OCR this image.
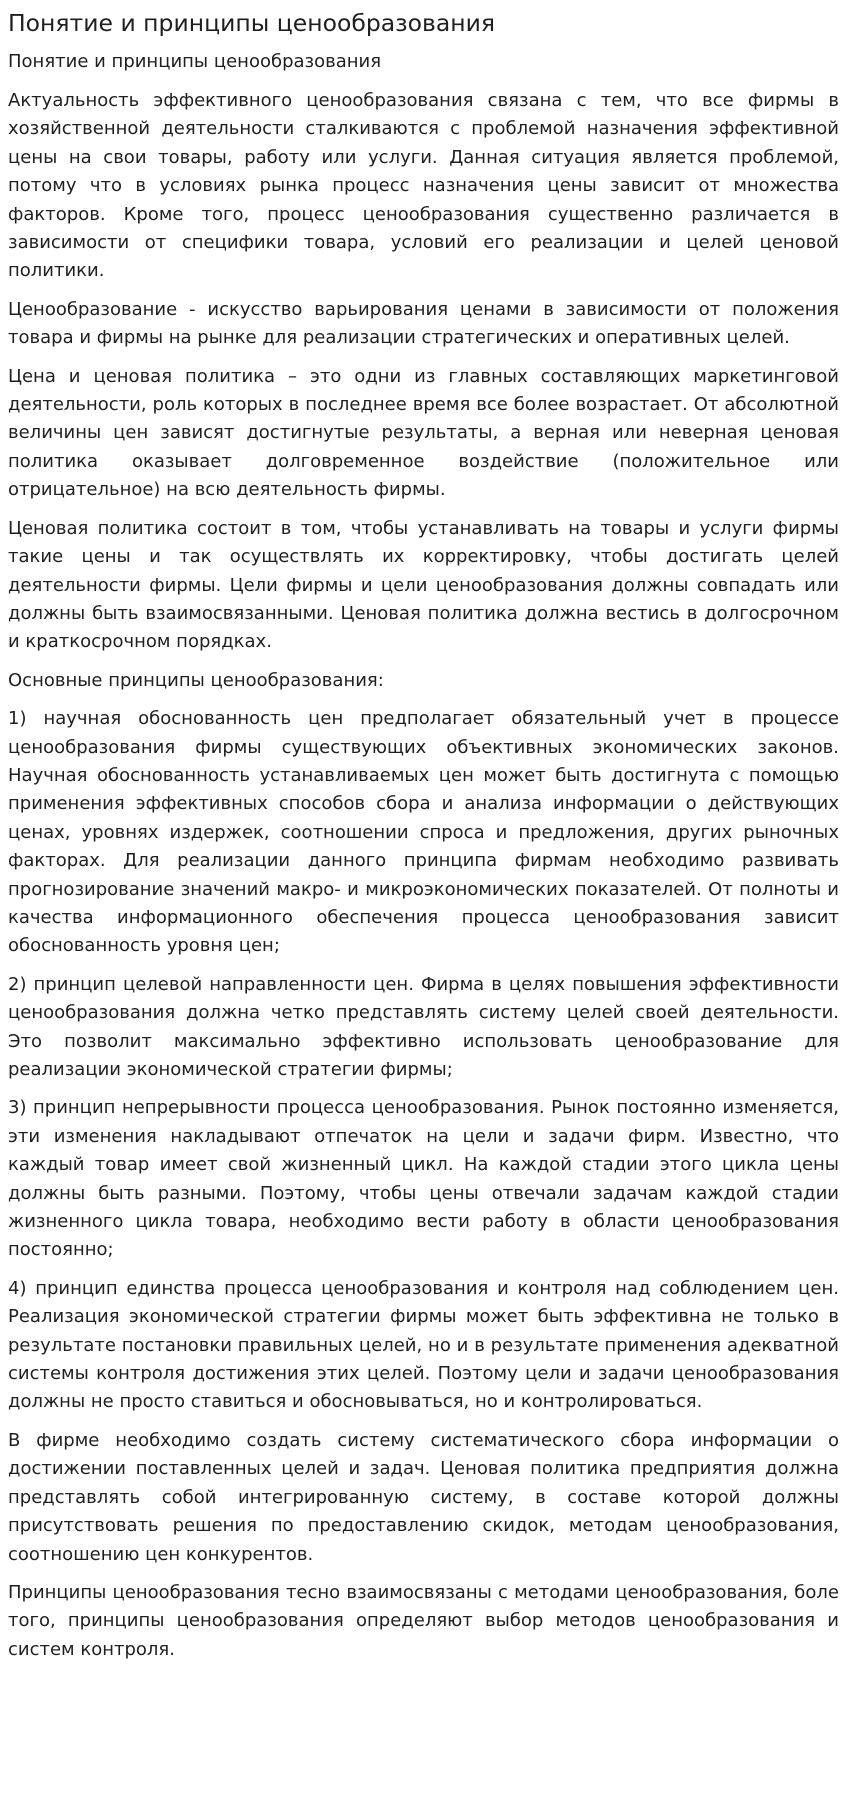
Понятие и принципы ценообразования
Понятие и принципы ценообразования

Актуальность эффективного ценообразования связана с тем, что все фирмы в хозяйственной деятельности сталкиваются с проблемой назначения эффективной цены на свои товары, работу или услуги. Данная ситуация является проблемой, потому что в условиях рынка процесс назначения цены зависит от множества факторов. Кроме того, процесс ценообразования существенно различается в зависимости от специфики товара, условий его реализации и целей ценовой политики.

Ценообразование - искусство варьирования ценами в зависимости от положения товара и фирмы на рынке для реализации стратегических и оперативных целей.

Цена и ценовая политика – это одни из главных составляющих маркетинговой деятельности, роль которых в последнее время все более возрастает. От абсолютной величины цен зависят достигнутые результаты, а верная или неверная ценовая политика оказывает долговременное воздействие (положительное или отрицательное) на всю деятельность фирмы.

Ценовая политика состоит в том, чтобы устанавливать на товары и услуги фирмы такие цены и так осуществлять их корректировку, чтобы достигать целей деятельности фирмы. Цели фирмы и цели ценообразования должны совпадать или должны быть взаимосвязанными. Ценовая политика должна вестись в долгосрочном и краткосрочном порядках.

Основные принципы ценообразования:

1) научная обоснованность цен предполагает обязательный учет в процессе ценообразования фирмы существующих объективных экономических законов. Научная обоснованность устанавливаемых цен может быть достигнута с помощью применения эффективных способов сбора и анализа информации о действующих ценах, уровнях издержек, соотношении спроса и предложения, других рыночных факторах. Для реализации данного принципа фирмам необходимо развивать прогнозирование значений макро- и микроэкономических показателей. От полноты и качества информационного обеспечения процесса ценообразования зависит обоснованность уровня цен;

2) принцип целевой направленности цен. Фирма в целях повышения эффективности ценообразования должна четко представлять систему целей своей деятельности. Это позволит максимально эффективно использовать ценообразование для реализации экономической стратегии фирмы;

3) принцип непрерывности процесса ценообразования. Рынок постоянно изменяется, эти изменения накладывают отпечаток на цели и задачи фирм. Известно, что каждый товар имеет свой жизненный цикл. На каждой стадии этого цикла цены должны быть разными. Поэтому, чтобы цены отвечали задачам каждой стадии жизненного цикла товара, необходимо вести работу в области ценообразования постоянно;

4) принцип единства процесса ценообразования и контроля над соблюдением цен. Реализация экономической стратегии фирмы может быть эффективна не только в результате постановки правильных целей, но и в результате применения адекватной системы контроля достижения этих целей. Поэтому цели и задачи ценообразования должны не просто ставиться и обосновываться, но и контролироваться.

В фирме необходимо создать систему систематического сбора информации о достижении поставленных целей и задач. Ценовая политика предприятия должна представлять собой интегрированную систему, в составе которой должны присутствовать решения по предоставлению скидок, методам ценообразования, соотношению цен конкурентов.

Принципы ценообразования тесно взаимосвязаны с методами ценообразования, боле того, принципы ценообразования определяют выбор методов ценообразования и систем контроля.
